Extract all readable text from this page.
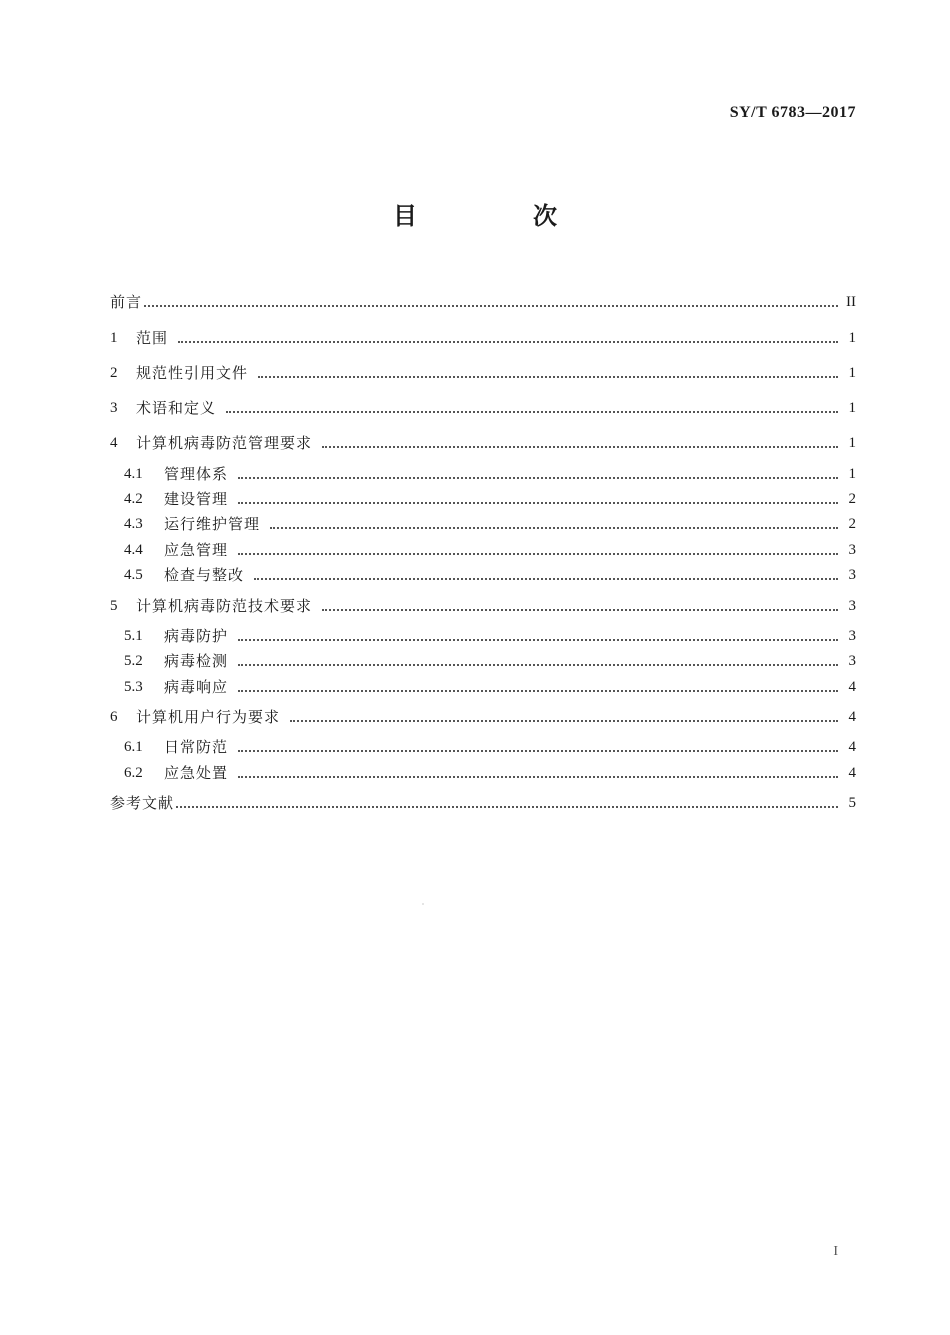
SY/T 6783—2017
目　次
前言	II
1	范围	1
2	规范性引用文件	1
3	术语和定义	1
4	计算机病毒防范管理要求	1
4.1	管理体系	1
4.2	建设管理	2
4.3	运行维护管理	2
4.4	应急管理	3
4.5	检查与整改	3
5	计算机病毒防范技术要求	3
5.1	病毒防护	3
5.2	病毒检测	3
5.3	病毒响应	4
6	计算机用户行为要求	4
6.1	日常防范	4
6.2	应急处置	4
参考文献	5
I
